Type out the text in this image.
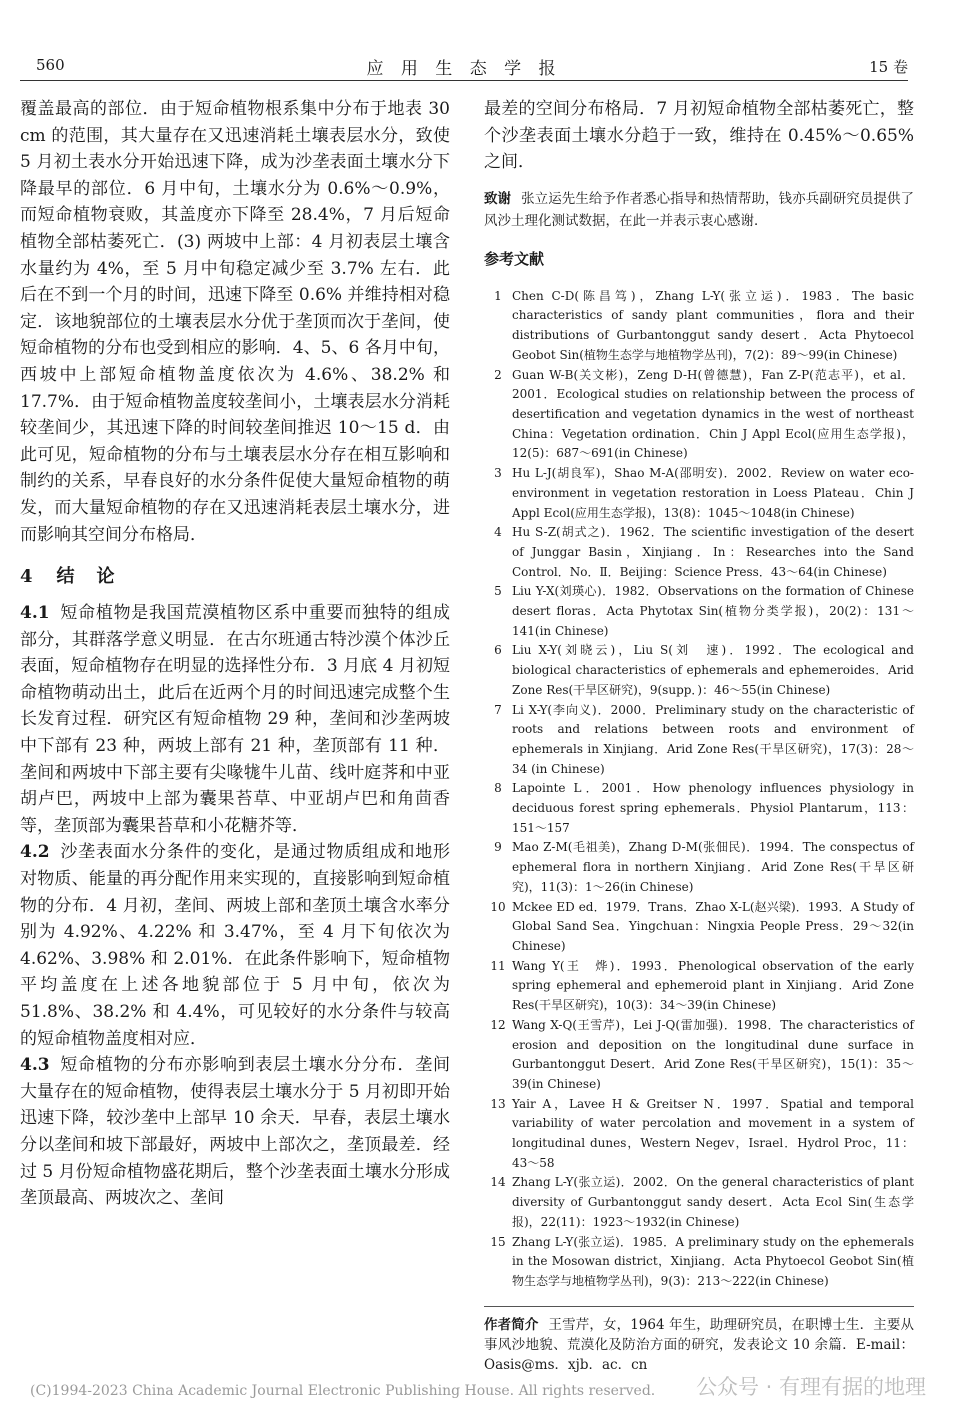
560	应 用 生 态 学 报	15 卷

覆盖最高的部位．由于短命植物根系集中分布于地表 30 cm 的范围，其大量存在又迅速消耗土壤表层水分，致使 5 月初土表水分开始迅速下降，成为沙垄表面土壤水分下降最早的部位．6 月中旬，土壤水分为 0.6%～0.9%，而短命植物衰败，其盖度亦下降至 28.4%，7 月后短命植物全部枯萎死亡．(3) 两坡中上部：4 月初表层土壤含水量约为 4%，至 5 月中旬稳定减少至 3.7% 左右．此后在不到一个月的时间，迅速下降至 0.6% 并维持相对稳定．该地貌部位的土壤表层水分优于垄顶而次于垄间，使短命植物的分布也受到相应的影响．4、5、6 各月中旬，西坡中上部短命植物盖度依次为 4.6%、38.2% 和 17.7%．由于短命植物盖度较垄间小，土壤表层水分消耗较垄间少，其迅速下降的时间较垄间推迟 10～15 d．由此可见，短命植物的分布与土壤表层水分存在相互影响和制约的关系，早春良好的水分条件促使大量短命植物的萌发，而大量短命植物的存在又迅速消耗表层土壤水分，进而影响其空间分布格局．

4 结　论

4.1 短命植物是我国荒漠植物区系中重要而独特的组成部分，其群落学意义明显．在古尔班通古特沙漠个体沙丘表面，短命植物存在明显的选择性分布．3 月底 4 月初短命植物萌动出土，此后在近两个月的时间迅速完成整个生长发育过程．研究区有短命植物 29 种，垄间和沙垄两坡中下部有 23 种，两坡上部有 21 种，垄顶部有 11 种．垄间和两坡中下部主要有尖喙牻牛儿苗、线叶庭荠和中亚胡卢巴，两坡中上部为囊果苔草、中亚胡卢巴和角茴香等，垄顶部为囊果苔草和小花糖芥等．

4.2 沙垄表面水分条件的变化，是通过物质组成和地形对物质、能量的再分配作用来实现的，直接影响到短命植物的分布．4 月初，垄间、两坡上部和垄顶土壤含水率分别为 4.92%、4.22% 和 3.47%，至 4 月下旬依次为 4.62%、3.98% 和 2.01%．在此条件影响下，短命植物平均盖度在上述各地貌部位于 5 月中旬，依次为 51.8%、38.2% 和 4.4%，可见较好的水分条件与较高的短命植物盖度相对应．

4.3 短命植物的分布亦影响到表层土壤水分分布．垄间大量存在的短命植物，使得表层土壤水分于 5 月初即开始迅速下降，较沙垄中上部早 10 余天．早春，表层土壤水分以垄间和坡下部最好，两坡中上部次之，垄顶最差．经过 5 月份短命植物盛花期后，整个沙垄表面土壤水分形成垄顶最高、两坡次之、垄间

最差的空间分布格局．7 月初短命植物全部枯萎死亡，整个沙垄表面土壤水分趋于一致，维持在 0.45%～0.65% 之间．

致谢 张立运先生给予作者悉心指导和热情帮助，钱亦兵副研究员提供了风沙土理化测试数据，在此一并表示衷心感谢．

参考文献
1 Chen C-D(陈昌笃)，Zhang L-Y(张立运)．1983．The basic characteristics of sandy plant communities，flora and their distributions of Gurbantonggut sandy desert．Acta Phytoecol Geobot Sin(植物生态学与地植物学丛刊)，7(2)：89～99(in Chinese)
2 Guan W-B(关文彬)，Zeng D-H(曾德慧)，Fan Z-P(范志平)，et al．2001．Ecological studies on relationship between the process of desertification and vegetation dynamics in the west of northeast China：Vegetation ordination．Chin J Appl Ecol(应用生态学报)，12(5)：687～691(in Chinese)
3 Hu L-J(胡良军)，Shao M-A(邵明安)．2002．Review on water eco-environment in vegetation restoration in Loess Plateau．Chin J Appl Ecol(应用生态学报)，13(8)：1045～1048(in Chinese)
4 Hu S-Z(胡式之)．1962．The scientific investigation of the desert of Junggar Basin，Xinjiang．In：Researches into the Sand Control．No．Ⅱ．Beijing：Science Press．43～64(in Chinese)
5 Liu Y-X(刘瑛心)．1982．Observations on the formation of Chinese desert floras．Acta Phytotax Sin(植物分类学报)，20(2)：131～141(in Chinese)
6 Liu X-Y(刘晓云)，Liu S(刘　速)．1992．The ecological and biological characteristics of ephemerals and ephemeroides．Arid Zone Res(干旱区研究)，9(supp．)：46～55(in Chinese)
7 Li X-Y(李向义)．2000．Preliminary study on the characteristic of roots and relations between roots and environment of ephemerals in Xinjiang．Arid Zone Res(干旱区研究)，17(3)：28～34 (in Chinese)
8 Lapointe L．2001．How phenology influences physiology in deciduous forest spring ephemerals．Physiol Plantarum，113：151～157
9 Mao Z-M(毛祖美)，Zhang D-M(张佃民)．1994．The conspectus of ephemeral flora in northern Xinjiang．Arid Zone Res(干旱区研究)，11(3)：1～26(in Chinese)
10 Mckee ED ed．1979．Trans．Zhao X-L(赵兴梁)．1993．A Study of Global Sand Sea．Yingchuan：Ningxia People Press．29～32(in Chinese)
11 Wang Y(王　烨)．1993．Phenological observation of the early spring ephemeral and ephemeroid plant in Xinjiang．Arid Zone Res(干旱区研究)，10(3)：34～39(in Chinese)
12 Wang X-Q(王雪芹)，Lei J-Q(雷加强)．1998．The characteristics of erosion and deposition on the longitudinal dune surface in Gurbantonggut Desert．Arid Zone Res(干旱区研究)，15(1)：35～39(in Chinese)
13 Yair A，Lavee H & Greitser N．1997．Spatial and temporal variability of water percolation and movement in a system of longitudinal dunes，Western Negev，Israel．Hydrol Proc，11：43～58
14 Zhang L-Y(张立运)．2002．On the general characteristics of plant diversity of Gurbantonggut sandy desert．Acta Ecol Sin(生态学报)，22(11)：1923～1932(in Chinese)
15 Zhang L-Y(张立运)．1985．A preliminary study on the ephemerals in the Mosowan district，Xinjiang．Acta Phytoecol Geobot Sin(植物生态学与地植物学丛刊)，9(3)：213～222(in Chinese)

作者简介 王雪芹，女，1964 年生，助理研究员，在职博士生．主要从事风沙地貌、荒漠化及防治方面的研究，发表论文 10 余篇．E-mail：Oasis@ms．xjb．ac．cn

(C)1994-2023 China Academic Journal Electronic Publishing House. All rights reserved. 公众号 · 有理有据的地理
